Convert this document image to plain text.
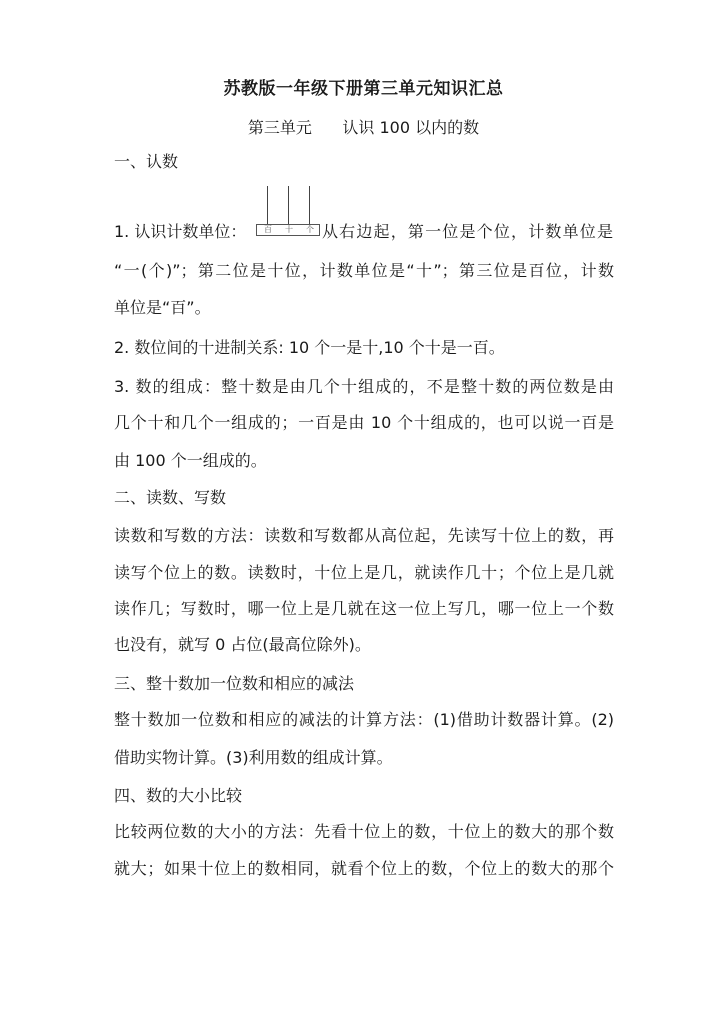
苏教版一年级下册第三单元知识汇总
第三单元      认识 100 以内的数
一、认数
百	十	个
1. 认识计数单位：	从右边起，第一位是个位，计数单位是
“一(个)”；第二位是十位，计数单位是“十”；第三位是百位，计数
单位是“百”。
2. 数位间的十进制关系: 10 个一是十,10 个十是一百。
3. 数的组成：整十数是由几个十组成的，不是整十数的两位数是由
几个十和几个一组成的；一百是由 10 个十组成的，也可以说一百是
由 100 个一组成的。
二、读数、写数
读数和写数的方法：读数和写数都从高位起，先读写十位上的数，再
读写个位上的数。读数时，十位上是几，就读作几十；个位上是几就
读作几；写数时，哪一位上是几就在这一位上写几，哪一位上一个数
也没有，就写 0 占位(最高位除外)。
三、整十数加一位数和相应的减法
整十数加一位数和相应的减法的计算方法：(1)借助计数器计算。(2)
借助实物计算。(3)利用数的组成计算。
四、数的大小比较
比较两位数的大小的方法：先看十位上的数，十位上的数大的那个数
就大；如果十位上的数相同，就看个位上的数，个位上的数大的那个
